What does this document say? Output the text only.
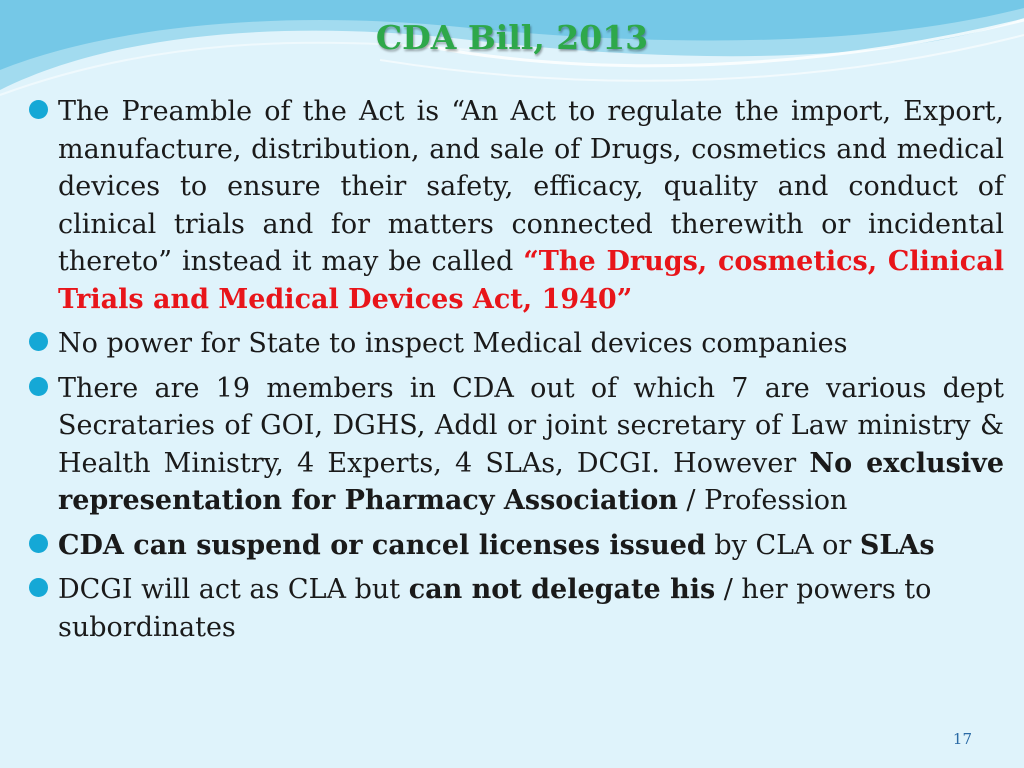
CDA Bill, 2013

The Preamble of the Act is “An Act to regulate the import, Export, manufacture, distribution, and sale of Drugs, cosmetics and medical devices to ensure their safety, efficacy, quality and conduct of clinical trials and for matters connected therewith or incidental thereto” instead it may be called “The Drugs, cosmetics, Clinical Trials and Medical Devices Act, 1940”

No power for State to inspect Medical devices companies

There are 19 members in CDA out of which 7 are various dept Secrataries of GOI, DGHS, Addl or joint secretary of Law ministry & Health Ministry, 4 Experts, 4 SLAs, DCGI. However No exclusive representation for Pharmacy Association / Profession

CDA can suspend or cancel licenses issued by CLA or SLAs

DCGI will act as CLA but can not delegate his / her powers to subordinates

17
